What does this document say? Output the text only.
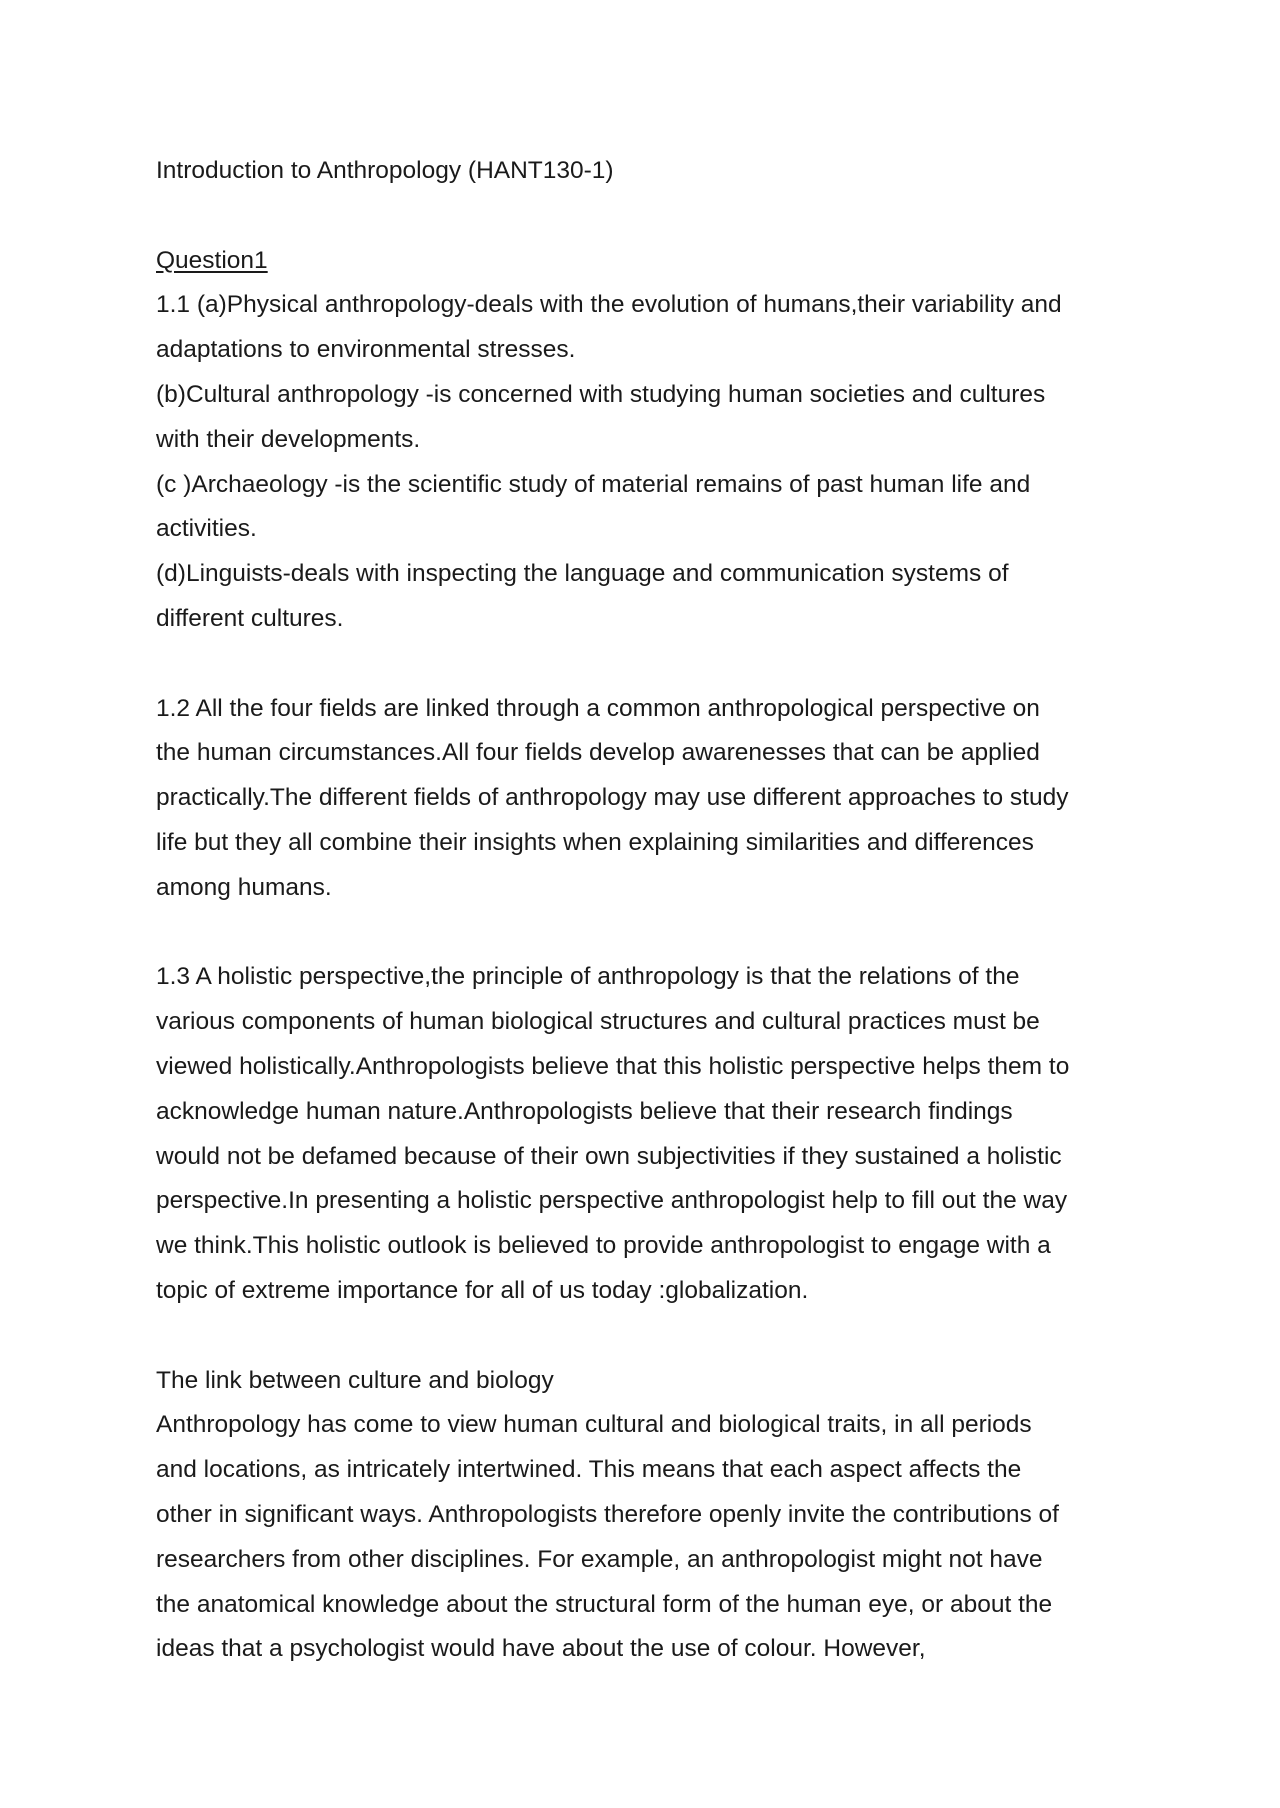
Introduction to Anthropology (HANT130-1)

Question1

1.1 (a)Physical anthropology-deals with the evolution of humans,their variability and
adaptations to environmental stresses.
(b)Cultural anthropology -is concerned with studying human societies and cultures
with their developments.
(c )Archaeology -is the scientific study of material remains of past human life and
activities.
(d)Linguists-deals with inspecting the language and communication systems of
different cultures.

1.2 All the four fields are linked through a common anthropological perspective on
the human circumstances.All four fields develop awarenesses that can be applied
practically.The different fields of anthropology may use different approaches to study
life but they all combine their insights when explaining similarities and differences
among humans.

1.3 A holistic perspective,the principle of anthropology is that the relations of the
various components of human biological structures and cultural practices must be
viewed holistically.Anthropologists believe that this holistic perspective helps them to
acknowledge human nature.Anthropologists believe that their research findings
would not be defamed because of their own subjectivities if they sustained a holistic
perspective.In presenting a holistic perspective anthropologist help to fill out the way
we think.This holistic outlook is believed to provide anthropologist to engage with a
topic of extreme importance for all of us today :globalization.

The link between culture and biology

Anthropology has come to view human cultural and biological traits, in all periods
and locations, as intricately intertwined. This means that each aspect affects the
other in significant ways. Anthropologists therefore openly invite the contributions of
researchers from other disciplines. For example, an anthropologist might not have
the anatomical knowledge about the structural form of the human eye, or about the
ideas that a psychologist would have about the use of colour. However,
